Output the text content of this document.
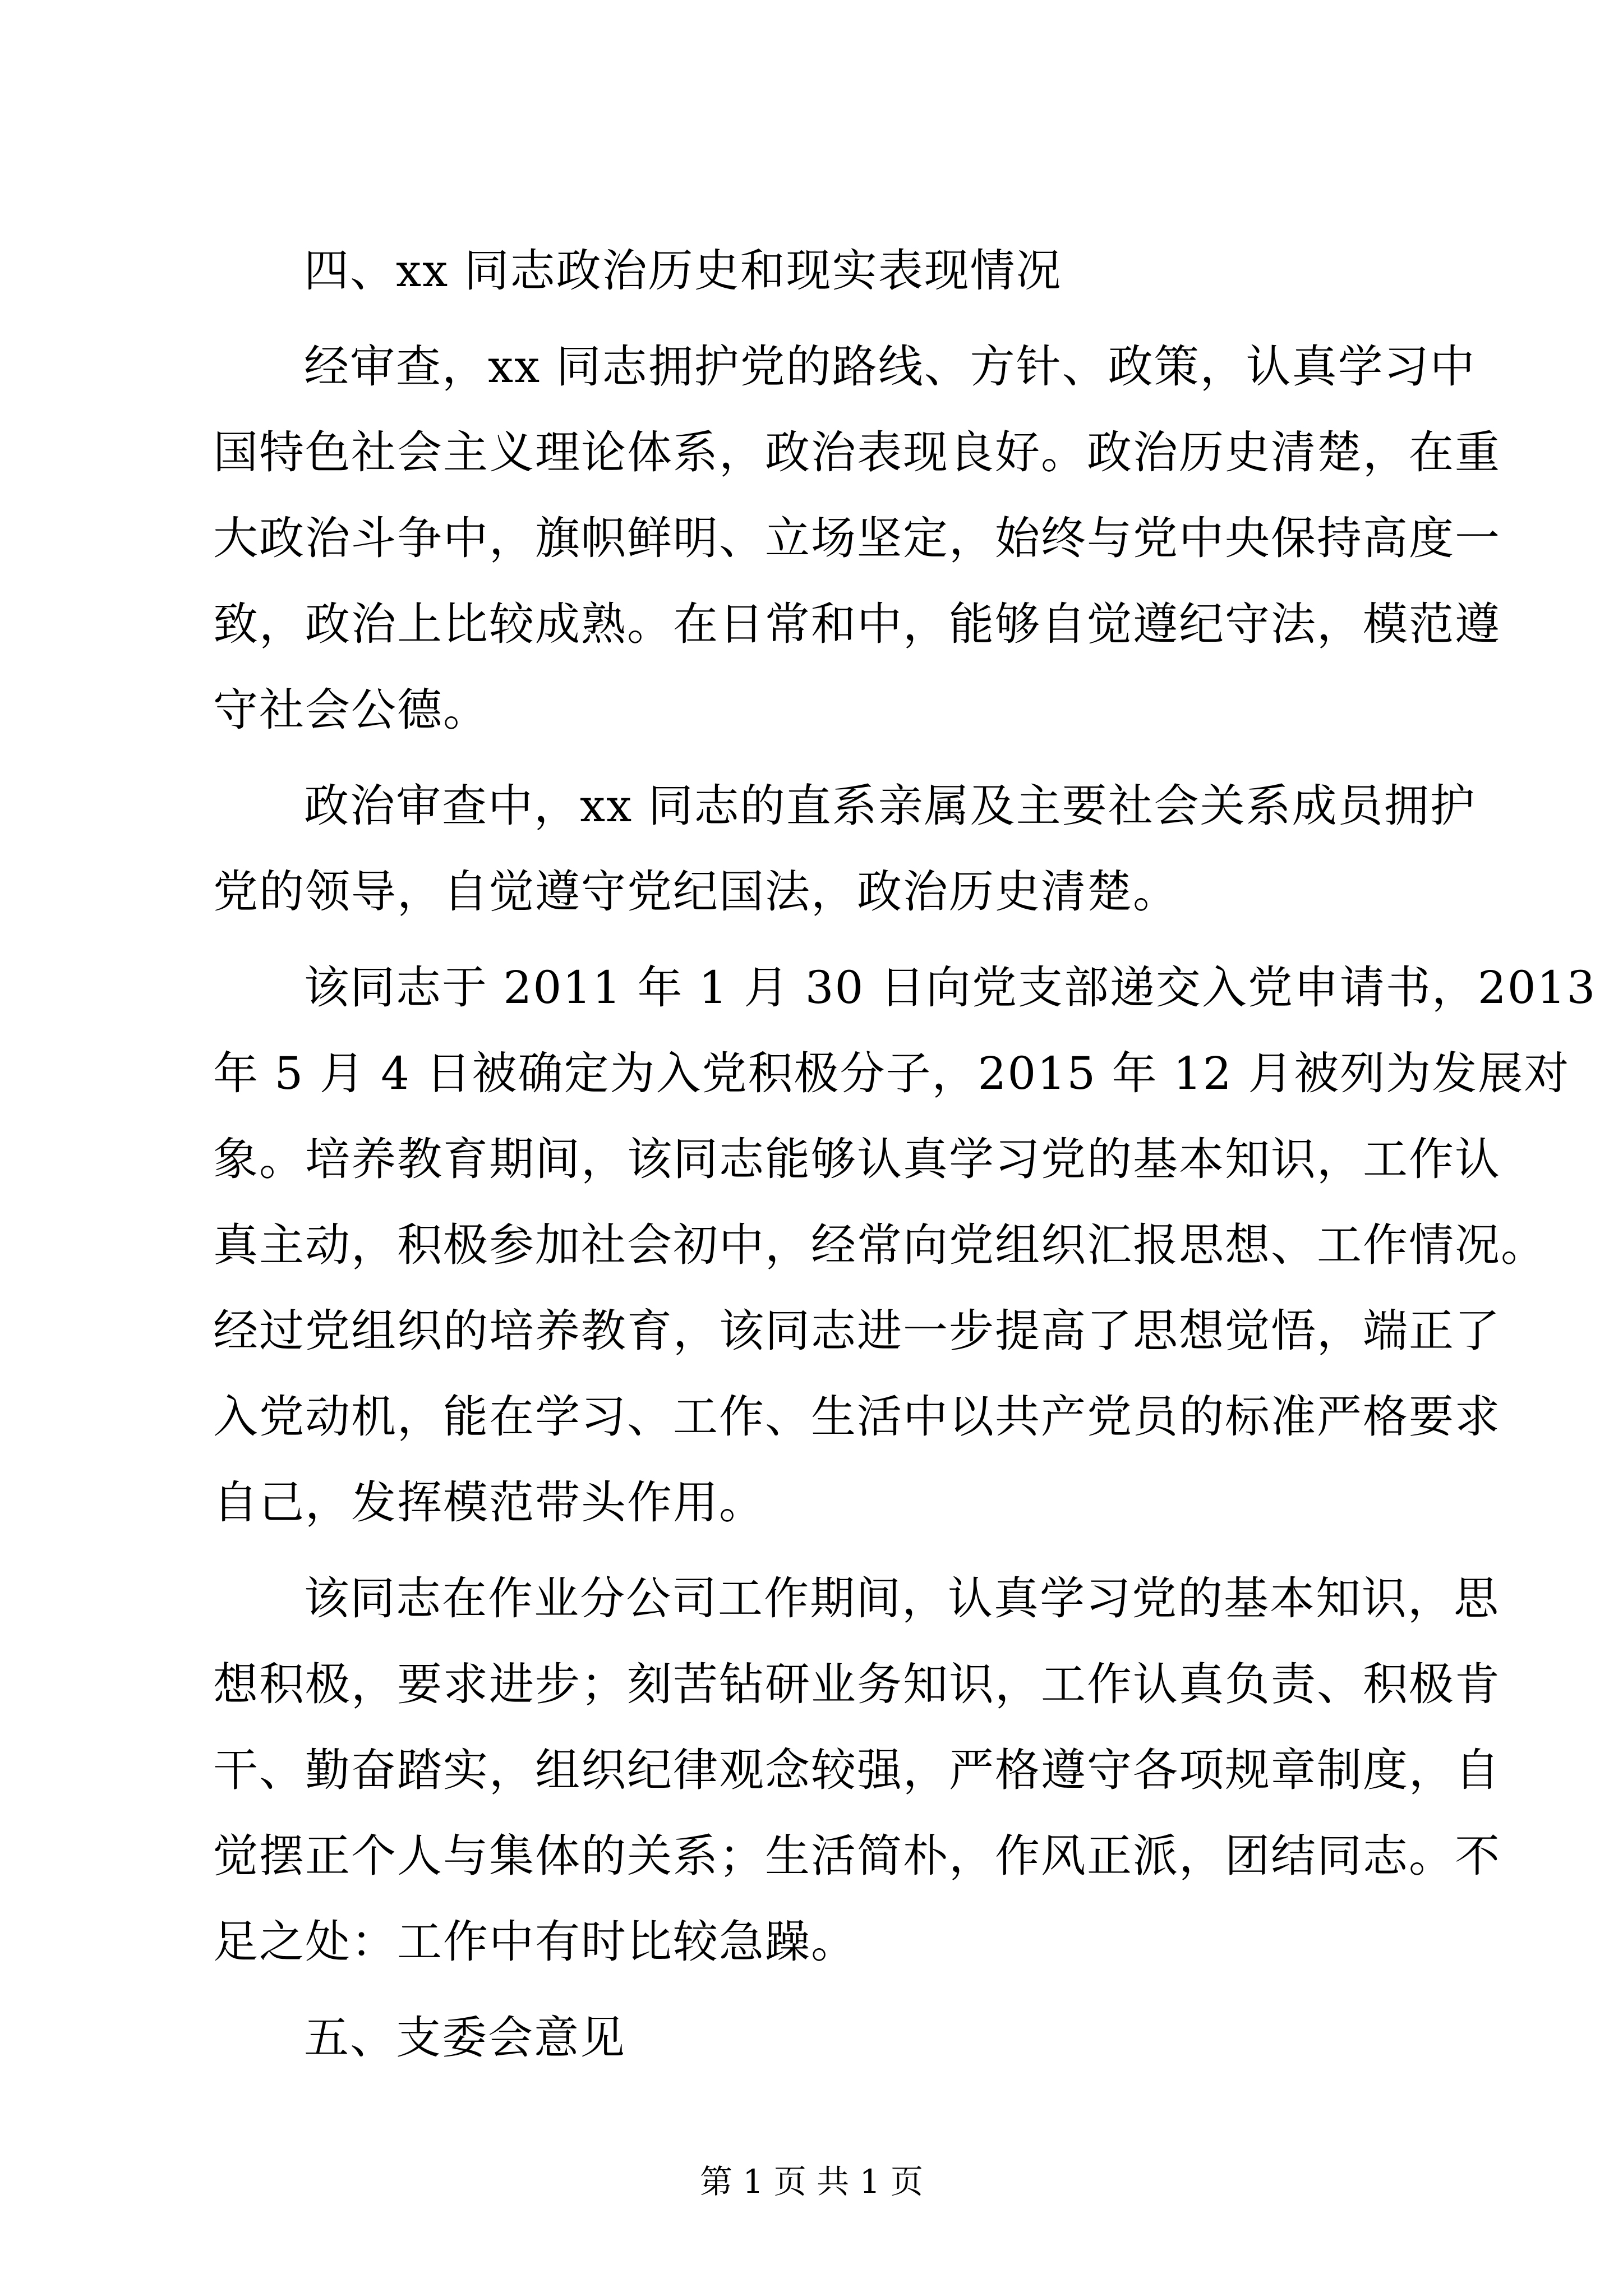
四、xx 同志政治历史和现实表现情况
经审查，xx 同志拥护党的路线、方针、政策，认真学习中
国特色社会主义理论体系，政治表现良好。政治历史清楚，在重
大政治斗争中，旗帜鲜明、立场坚定，始终与党中央保持高度一
致，政治上比较成熟。在日常和中，能够自觉遵纪守法，模范遵
守社会公德。
政治审查中，xx 同志的直系亲属及主要社会关系成员拥护
党的领导，自觉遵守党纪国法，政治历史清楚。
该同志于 2011 年 1 月 30 日向党支部递交入党申请书，2013
年 5 月 4 日被确定为入党积极分子，2015 年 12 月被列为发展对
象。培养教育期间，该同志能够认真学习党的基本知识，工作认
真主动，积极参加社会初中，经常向党组织汇报思想、工作情况。
经过党组织的培养教育，该同志进一步提高了思想觉悟，端正了
入党动机，能在学习、工作、生活中以共产党员的标准严格要求
自己，发挥模范带头作用。
该同志在作业分公司工作期间，认真学习党的基本知识，思
想积极，要求进步；刻苦钻研业务知识，工作认真负责、积极肯
干、勤奋踏实，组织纪律观念较强，严格遵守各项规章制度，自
觉摆正个人与集体的关系；生活简朴，作风正派，团结同志。不
足之处：工作中有时比较急躁。
五、支委会意见
第 1 页 共 1 页
